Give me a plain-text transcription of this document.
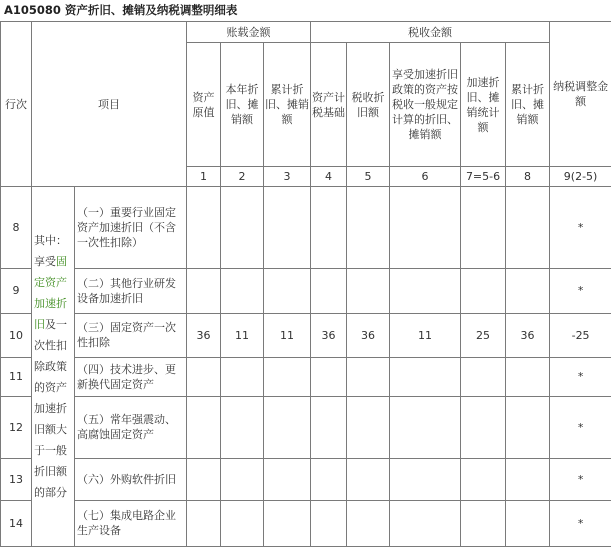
A105080 资产折旧、摊销及纳税调整明细表
行次	项目		账载金额			税收金额					纳税调整金额
			资产原值	本年折旧、摊销额	累计折旧、摊销额	资产计税基础	税收折旧额	享受加速折旧政策的资产按税收一般规定计算的折旧、摊销额	加速折旧、摊销统计额	累计折旧、摊销额	
			1	2	3	4	5	6	7=5-6	8	9(2-5)
8	其中：享受固定资产加速折旧及一次性扣除政策的资产加速折旧额大于一般折旧额的部分	（一）重要行业固定资产加速折旧（不含一次性扣除）									*
9		（二）其他行业研发设备加速折旧									*
10		（三）固定资产一次性扣除	36	11	11	36	36	11	25	36	-25
11		（四）技术进步、更新换代固定资产									*
12		（五）常年强震动、高腐蚀固定资产									*
13		（六）外购软件折旧									*
14		（七）集成电路企业生产设备									*
